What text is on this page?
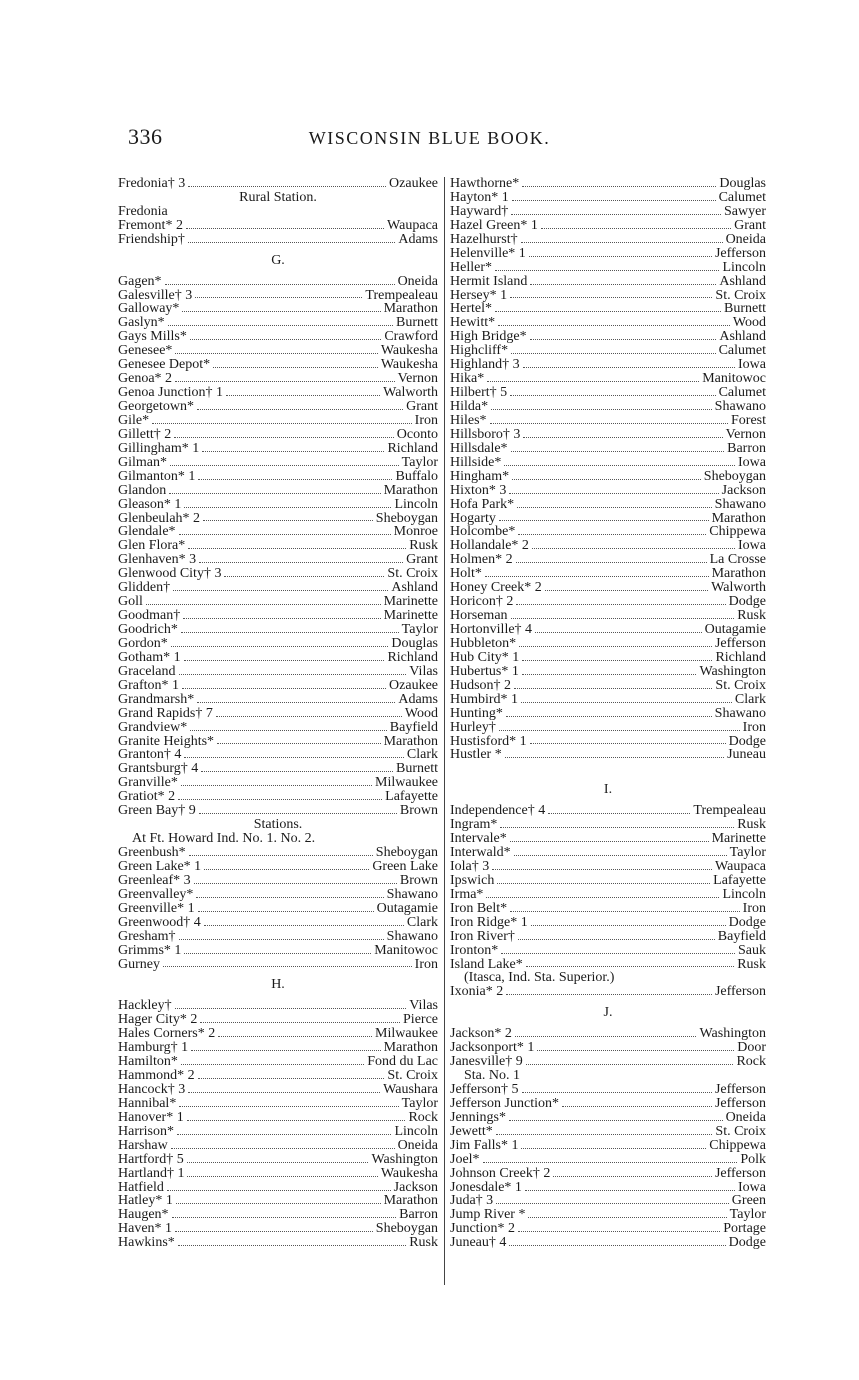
336	WISCONSIN BLUE BOOK.
Fredonia† 3	Ozaukee
Rural Station.
Fredonia
Fremont* 2	Waupaca
Friendship†	Adams
G.
Gagen*	Oneida
Galesville† 3	Trempealeau
Galloway*	Marathon
Gaslyn*	Burnett
Gays Mills*	Crawford
Genesee*	Waukesha
Genesee Depot*	Waukesha
Genoa* 2	Vernon
Genoa Junction† 1	Walworth
Georgetown*	Grant
Gile*	Iron
Gillett† 2	Oconto
Gillingham* 1	Richland
Gilman*	Taylor
Gilmanton* 1	Buffalo
Glandon	Marathon
Gleason* 1	Lincoln
Glenbeulah* 2	Sheboygan
Glendale*	Monroe
Glen Flora*	Rusk
Glenhaven* 3	Grant
Glenwood City† 3	St. Croix
Glidden†	Ashland
Goll	Marinette
Goodman†	Marinette
Goodrich*	Taylor
Gordon*	Douglas
Gotham* 1	Richland
Graceland	Vilas
Grafton* 1	Ozaukee
Grandmarsh*	Adams
Grand Rapids† 7	Wood
Grandview*	Bayfield
Granite Heights*	Marathon
Granton† 4	Clark
Grantsburg† 4	Burnett
Granville*	Milwaukee
Gratiot* 2	Lafayette
Green Bay† 9	Brown
Stations.
At Ft. Howard Ind. No. 1. No. 2.
Greenbush*	Sheboygan
Green Lake* 1	Green Lake
Greenleaf* 3	Brown
Greenvalley*	Shawano
Greenville* 1	Outagamie
Greenwood† 4	Clark
Gresham†	Shawano
Grimms* 1	Manitowoc
Gurney	Iron
H.
Hackley†	Vilas
Hager City* 2	Pierce
Hales Corners* 2	Milwaukee
Hamburg† 1	Marathon
Hamilton*	Fond du Lac
Hammond* 2	St. Croix
Hancock† 3	Waushara
Hannibal*	Taylor
Hanover* 1	Rock
Harrison*	Lincoln
Harshaw	Oneida
Hartford† 5	Washington
Hartland† 1	Waukesha
Hatfield	Jackson
Hatley* 1	Marathon
Haugen*	Barron
Haven* 1	Sheboygan
Hawkins*	Rusk
Hawthorne*	Douglas
Hayton* 1	Calumet
Hayward†	Sawyer
Hazel Green* 1	Grant
Hazelhurst†	Oneida
Helenville* 1	Jefferson
Heller*	Lincoln
Hermit Island	Ashland
Hersey* 1	St. Croix
Hertel*	Burnett
Hewitt*	Wood
High Bridge*	Ashland
Highcliff*	Calumet
Highland† 3	Iowa
Hika*	Manitowoc
Hilbert† 5	Calumet
Hilda*	Shawano
Hiles*	Forest
Hillsboro† 3	Vernon
Hillsdale*	Barron
Hillside*	Iowa
Hingham*	Sheboygan
Hixton* 3	Jackson
Hofa Park*	Shawano
Hogarty	Marathon
Holcombe*	Chippewa
Hollandale* 2	Iowa
Holmen* 2	La Crosse
Holt*	Marathon
Honey Creek* 2	Walworth
Horicon† 2	Dodge
Horseman	Rusk
Hortonville† 4	Outagamie
Hubbleton*	Jefferson
Hub City* 1	Richland
Hubertus* 1	Washington
Hudson† 2	St. Croix
Humbird* 1	Clark
Hunting*	Shawano
Hurley†	Iron
Hustisford* 1	Dodge
Hustler *	Juneau
I.
Independence† 4	Trempealeau
Ingram*	Rusk
Intervale*	Marinette
Interwald*	Taylor
Iola† 3	Waupaca
Ipswich	Lafayette
Irma*	Lincoln
Iron Belt*	Iron
Iron Ridge* 1	Dodge
Iron River†	Bayfield
Ironton*	Sauk
Island Lake*	Rusk
(Itasca, Ind. Sta. Superior.)
Ixonia* 2	Jefferson
J.
Jackson* 2	Washington
Jacksonport* 1	Door
Janesville† 9	Rock
Sta. No. 1
Jefferson† 5	Jefferson
Jefferson Junction*	Jefferson
Jennings*	Oneida
Jewett*	St. Croix
Jim Falls* 1	Chippewa
Joel*	Polk
Johnson Creek† 2	Jefferson
Jonesdale* 1	Iowa
Juda† 3	Green
Jump River *	Taylor
Junction* 2	Portage
Juneau† 4	Dodge
